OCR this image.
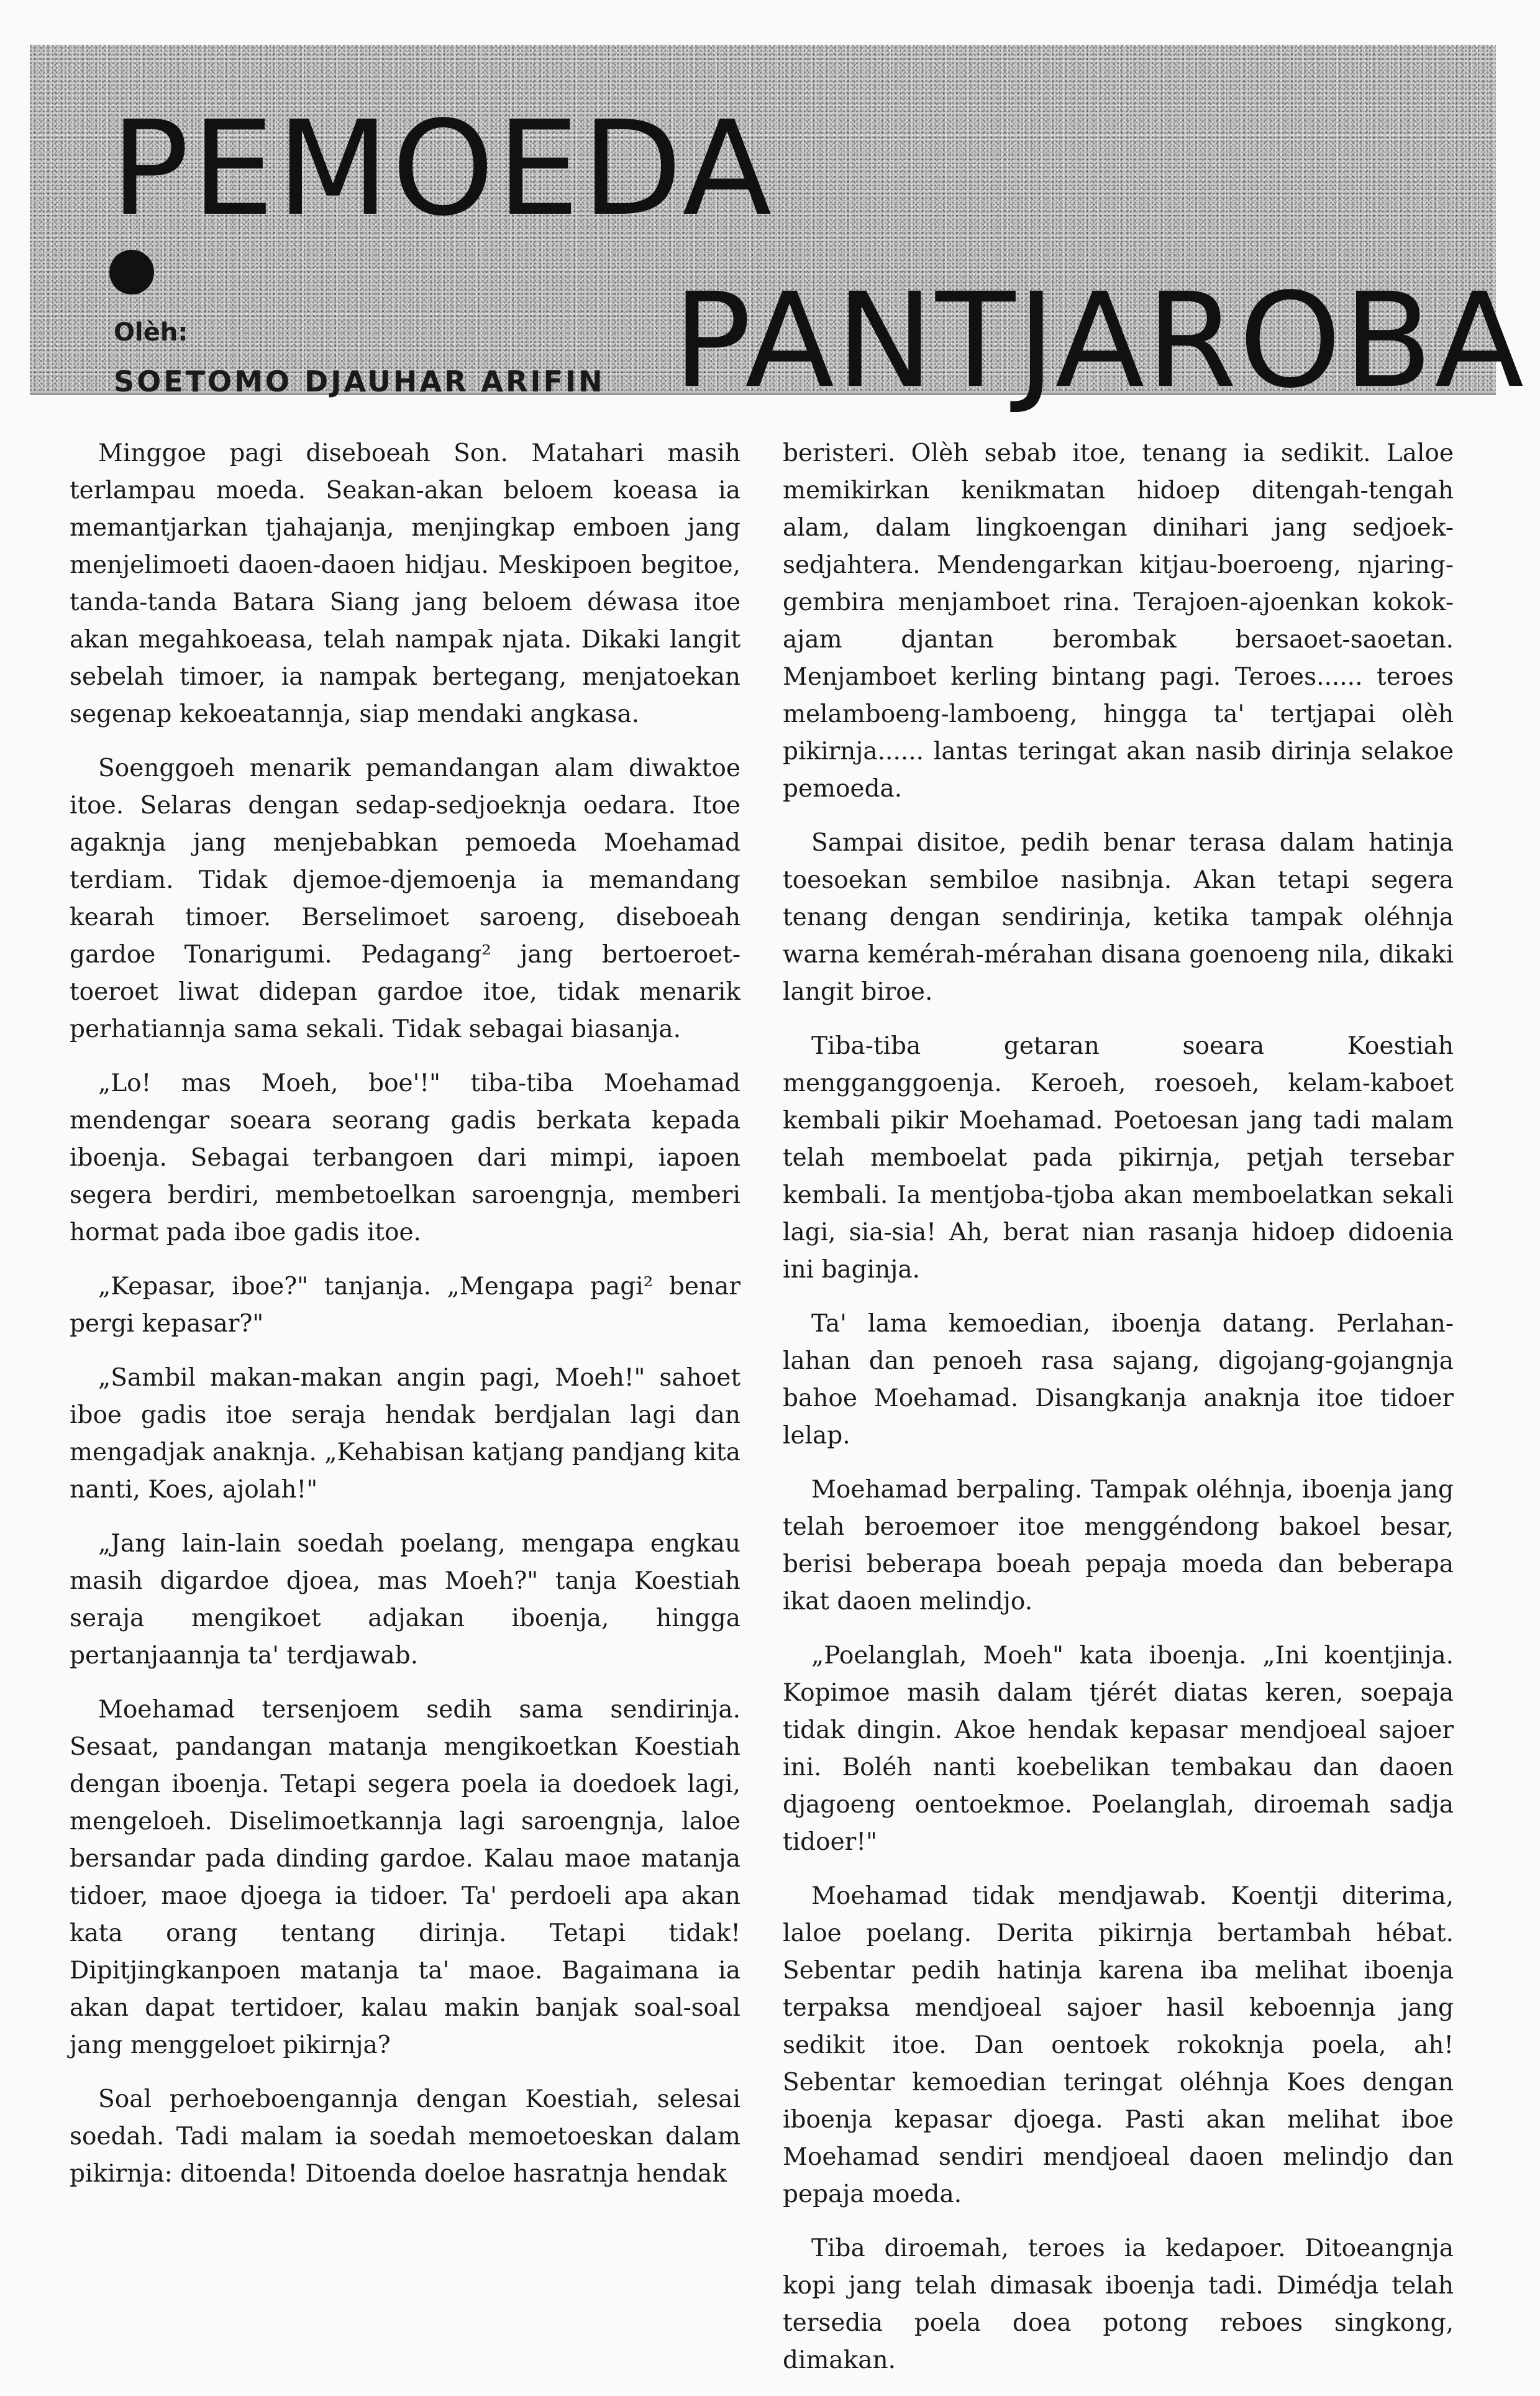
PEMOEDA
Olèh:
SOETOMO DJAUHAR ARIFIN PANTJAROBA

Minggoe pagi diseboeah Son. Matahari masih terlampau moeda. Seakan-akan beloem koeasa ia memantjarkan tjahajanja, menjingkap emboen jang menjelimoeti daoen-daoen hidjau. Meskipoen begitoe, tanda-tanda Batara Siang jang beloem déwasa itoe akan megahkoeasa, telah nampak njata. Dikaki langit sebelah timoer, ia nampak bertegang, menjatoekan segenap kekoeatannja, siap mendaki angkasa.

Soenggoeh menarik pemandangan alam diwaktoe itoe. Selaras dengan sedap-sedjoeknja oedara. Itoe agaknja jang menjebabkan pemoeda Moehamad terdiam. Tidak djemoe-djemoenja ia memandang kearah timoer. Berselimoet saroeng, diseboeah gardoe Tonarigumi. Pedagang² jang bertoeroet-toeroet liwat didepan gardoe itoe, tidak menarik perhatiannja sama sekali. Tidak sebagai biasanja.

„Lo! mas Moeh, boe'!" tiba-tiba Moehamad mendengar soeara seorang gadis berkata kepada iboenja. Sebagai terbangoen dari mimpi, iapoen segera berdiri, membetoelkan saroengnja, memberi hormat pada iboe gadis itoe.

„Kepasar, iboe?" tanjanja. „Mengapa pagi² benar pergi kepasar?"

„Sambil makan-makan angin pagi, Moeh!" sahoet iboe gadis itoe seraja hendak berdjalan lagi dan mengadjak anaknja. „Kehabisan katjang pandjang kita nanti, Koes, ajolah!"

„Jang lain-lain soedah poelang, mengapa engkau masih digardoe djoea, mas Moeh?" tanja Koestiah seraja mengikoet adjakan iboenja, hingga pertanjaannja ta' terdjawab.

Moehamad tersenjoem sedih sama sendirinja. Sesaat, pandangan matanja mengikoetkan Koestiah dengan iboenja. Tetapi segera poela ia doedoek lagi, mengeloeh. Diselimoetkannja lagi saroengnja, laloe bersandar pada dinding gardoe. Kalau maoe matanja tidoer, maoe djoega ia tidoer. Ta' perdoeli apa akan kata orang tentang dirinja. Tetapi tidak! Dipitjingkanpoen matanja ta' maoe. Bagaimana ia akan dapat tertidoer, kalau makin banjak soal-soal jang menggeloet pikirnja?

Soal perhoeboengannja dengan Koestiah, selesai soedah. Tadi malam ia soedah memoetoeskan dalam pikirnja: ditoenda! Ditoenda doeloe hasratnja hendak

beristeri. Olèh sebab itoe, tenang ia sedikit. Laloe memikirkan kenikmatan hidoep ditengah-tengah alam, dalam lingkoengan dinihari jang sedjoek-sedjahtera. Mendengarkan kitjau-boeroeng, njaring-gembira menjamboet rina. Terajoen-ajoenkan kokok-ajam djantan berombak bersaoet-saoetan. Menjamboet kerling bintang pagi. Teroes...... teroes melamboeng-lamboeng, hingga ta' tertjapai olèh pikirnja...... lantas teringat akan nasib dirinja selakoe pemoeda.

Sampai disitoe, pedih benar terasa dalam hatinja toesoekan sembiloe nasibnja. Akan tetapi segera tenang dengan sendirinja, ketika tampak oléhnja warna kemérah-mérahan disana goenoeng nila, dikaki langit biroe.

Tiba-tiba getaran soeara Koestiah mengganggoenja. Keroeh, roesoeh, kelam-kaboet kembali pikir Moehamad. Poetoesan jang tadi malam telah memboelat pada pikirnja, petjah tersebar kembali. Ia mentjoba-tjoba akan memboelatkan sekali lagi, sia-sia! Ah, berat nian rasanja hidoep didoenia ini baginja.

Ta' lama kemoedian, iboenja datang. Perlahan-lahan dan penoeh rasa sajang, digojang-gojangnja bahoe Moehamad. Disangkanja anaknja itoe tidoer lelap.

Moehamad berpaling. Tampak oléhnja, iboenja jang telah beroemoer itoe menggéndong bakoel besar, berisi beberapa boeah pepaja moeda dan beberapa ikat daoen melindjo.

„Poelanglah, Moeh" kata iboenja. „Ini koentjinja. Kopimoe masih dalam tjérét diatas keren, soepaja tidak dingin. Akoe hendak kepasar mendjoeal sajoer ini. Boléh nanti koebelikan tembakau dan daoen djagoeng oentoekmoe. Poelanglah, diroemah sadja tidoer!"

Moehamad tidak mendjawab. Koentji diterima, laloe poelang. Derita pikirnja bertambah hébat. Sebentar pedih hatinja karena iba melihat iboenja terpaksa mendjoeal sajoer hasil keboennja jang sedikit itoe. Dan oentoek rokoknja poela, ah! Sebentar kemoedian teringat oléhnja Koes dengan iboenja kepasar djoega. Pasti akan melihat iboe Moehamad sendiri mendjoeal daoen melindjo dan pepaja moeda.

Tiba diroemah, teroes ia kedapoer. Ditoeangnja kopi jang telah dimasak iboenja tadi. Dimédja telah tersedia poela doea potong reboes singkong, dimakan.
